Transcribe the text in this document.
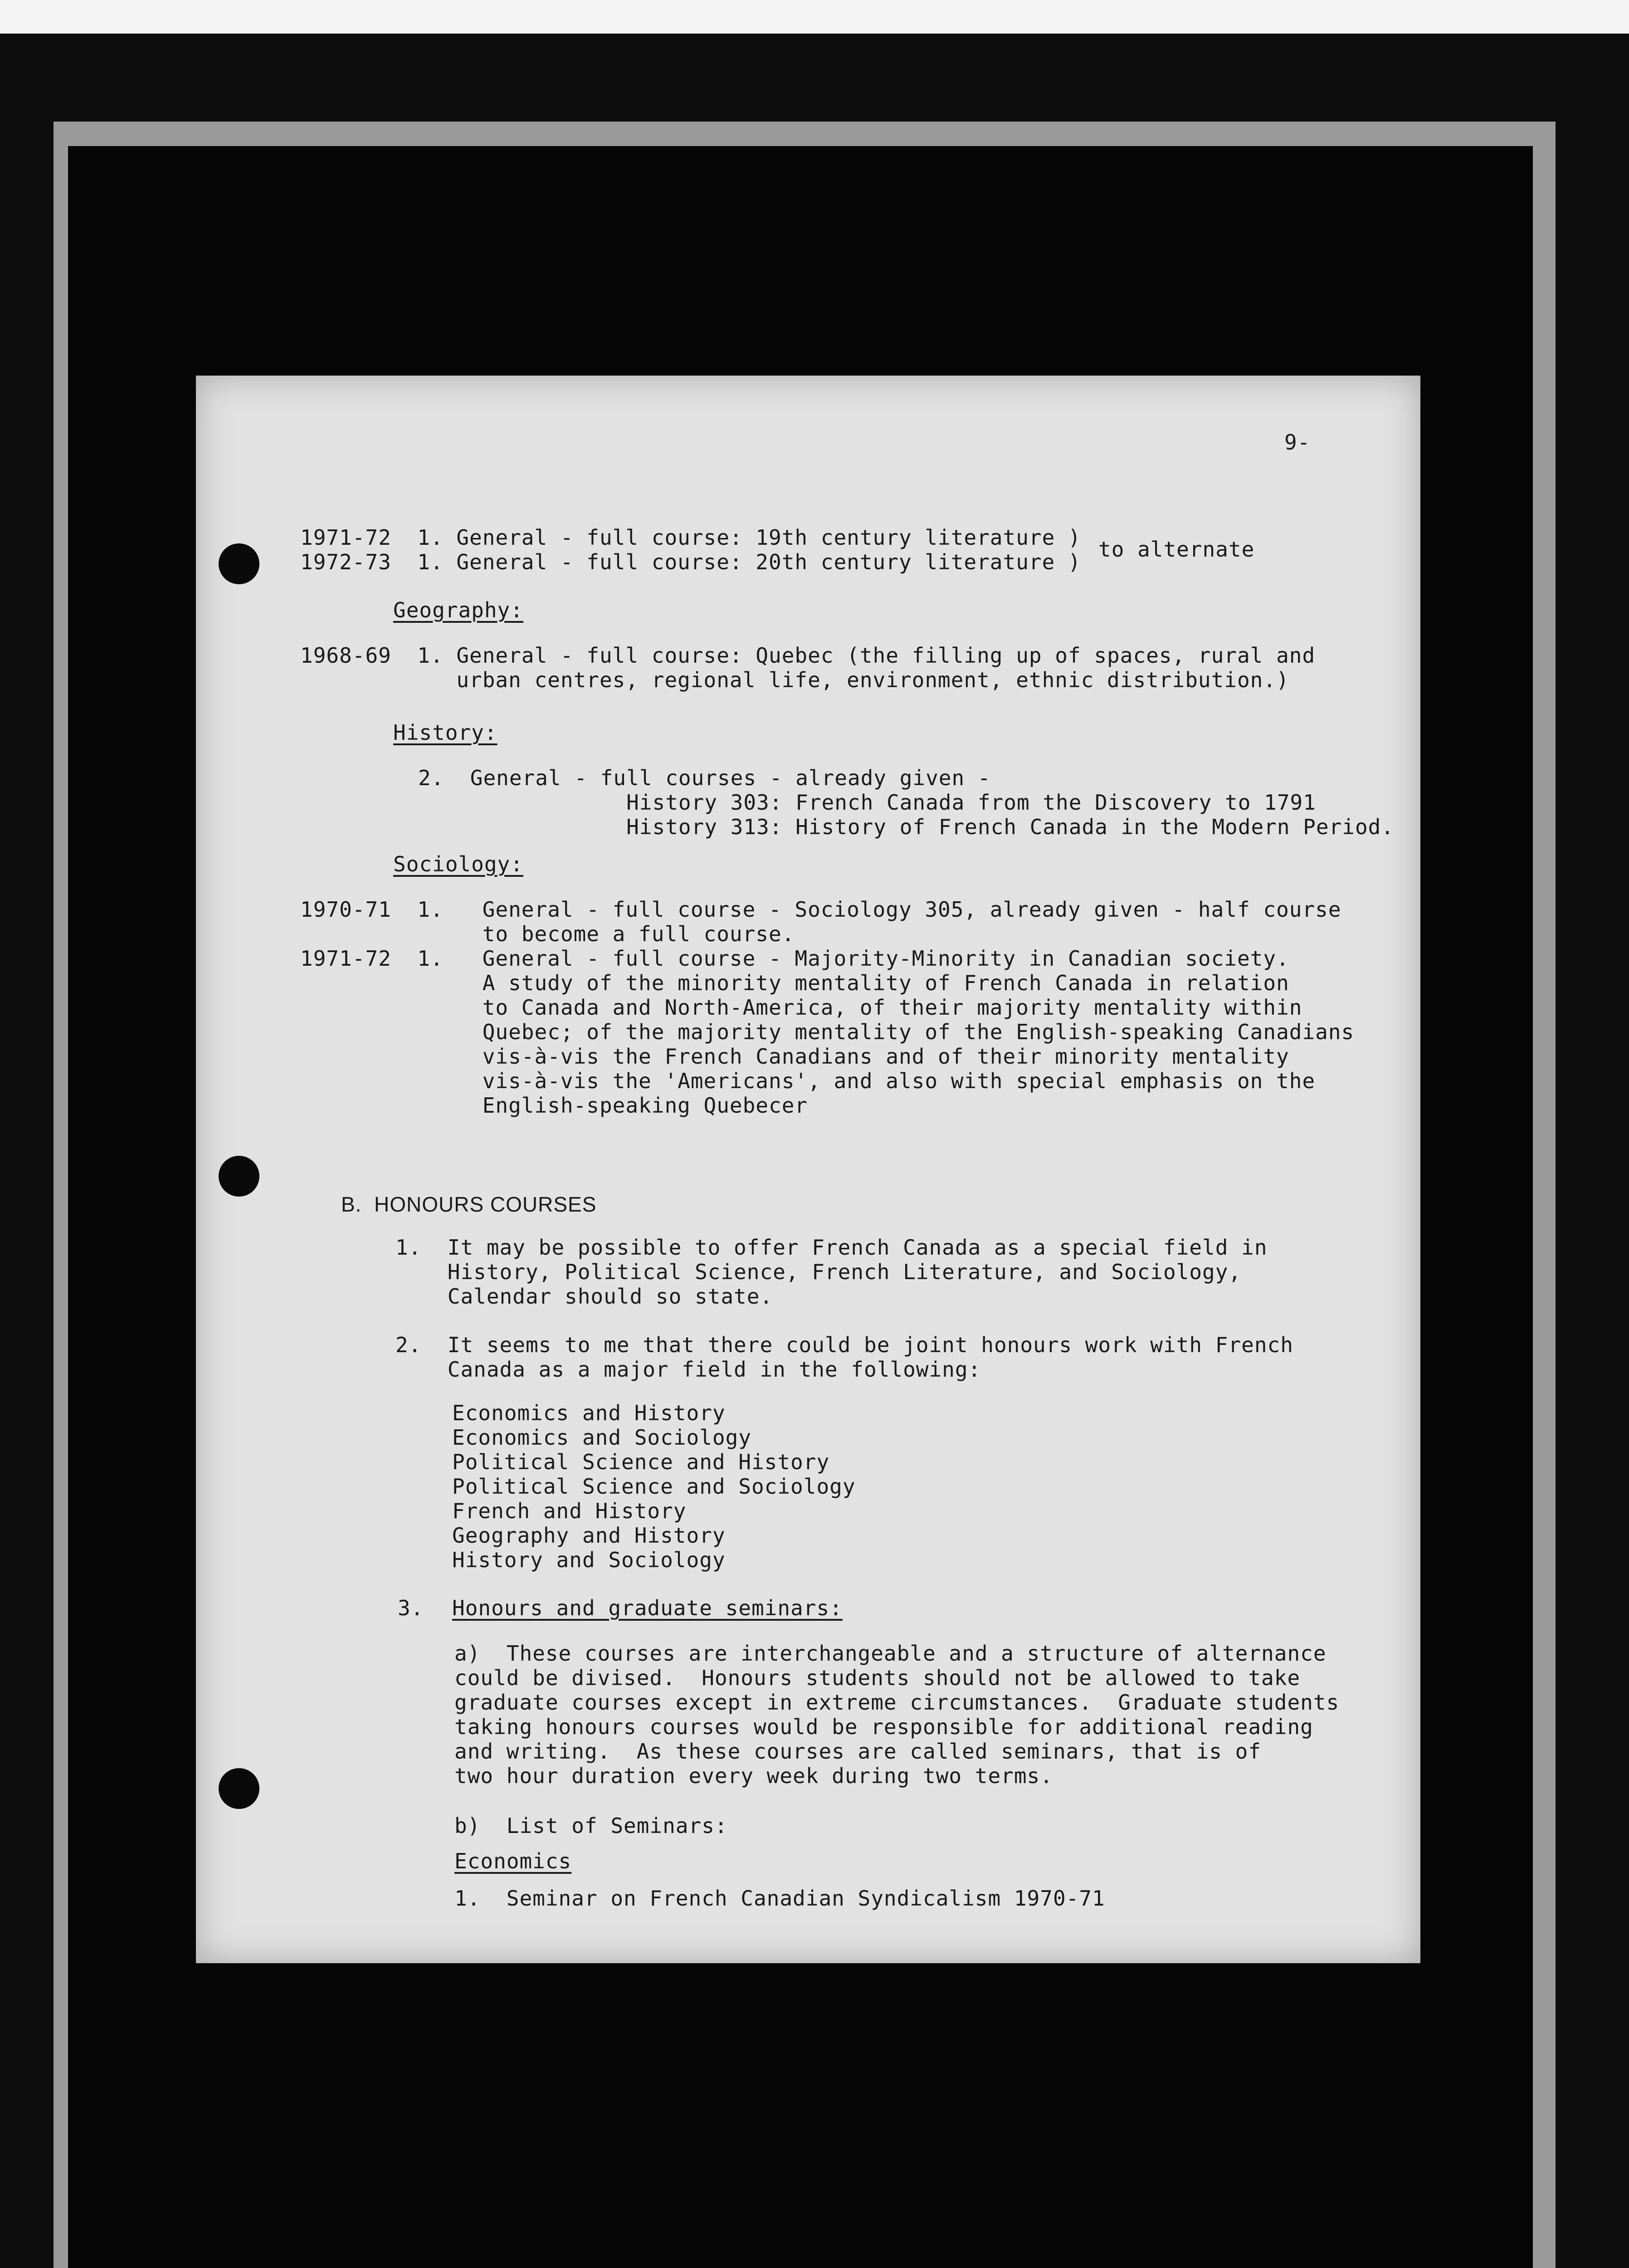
9-
1971-72  1. General - full course: 19th century literature )
1972-73  1. General - full course: 20th century literature )
to alternate
Geography:
1968-69  1. General - full course: Quebec (the filling up of spaces, rural and
urban centres, regional life, environment, ethnic distribution.)
History:
2.  General - full courses - already given -
History 303: French Canada from the Discovery to 1791
History 313: History of French Canada in the Modern Period.
Sociology:
1970-71  1.   General - full course - Sociology 305, already given - half course
to become a full course.
1971-72  1.   General - full course - Majority-Minority in Canadian society.
A study of the minority mentality of French Canada in relation
to Canada and North-America, of their majority mentality within
Quebec; of the majority mentality of the English-speaking Canadians
vis-à-vis the French Canadians and of their minority mentality
vis-à-vis the 'Americans', and also with special emphasis on the
English-speaking Quebecer
B.  HONOURS COURSES
1.  It may be possible to offer French Canada as a special field in
History, Political Science, French Literature, and Sociology,
Calendar should so state.
2.  It seems to me that there could be joint honours work with French
Canada as a major field in the following:
Economics and History
Economics and Sociology
Political Science and History
Political Science and Sociology
French and History
Geography and History
History and Sociology
3. Honours and graduate seminars:
a)  These courses are interchangeable and a structure of alternance
could be divised.  Honours students should not be allowed to take
graduate courses except in extreme circumstances.  Graduate students
taking honours courses would be responsible for additional reading
and writing.  As these courses are called seminars, that is of
two hour duration every week during two terms.
b)  List of Seminars:
Economics
1.  Seminar on French Canadian Syndicalism 1970-71
